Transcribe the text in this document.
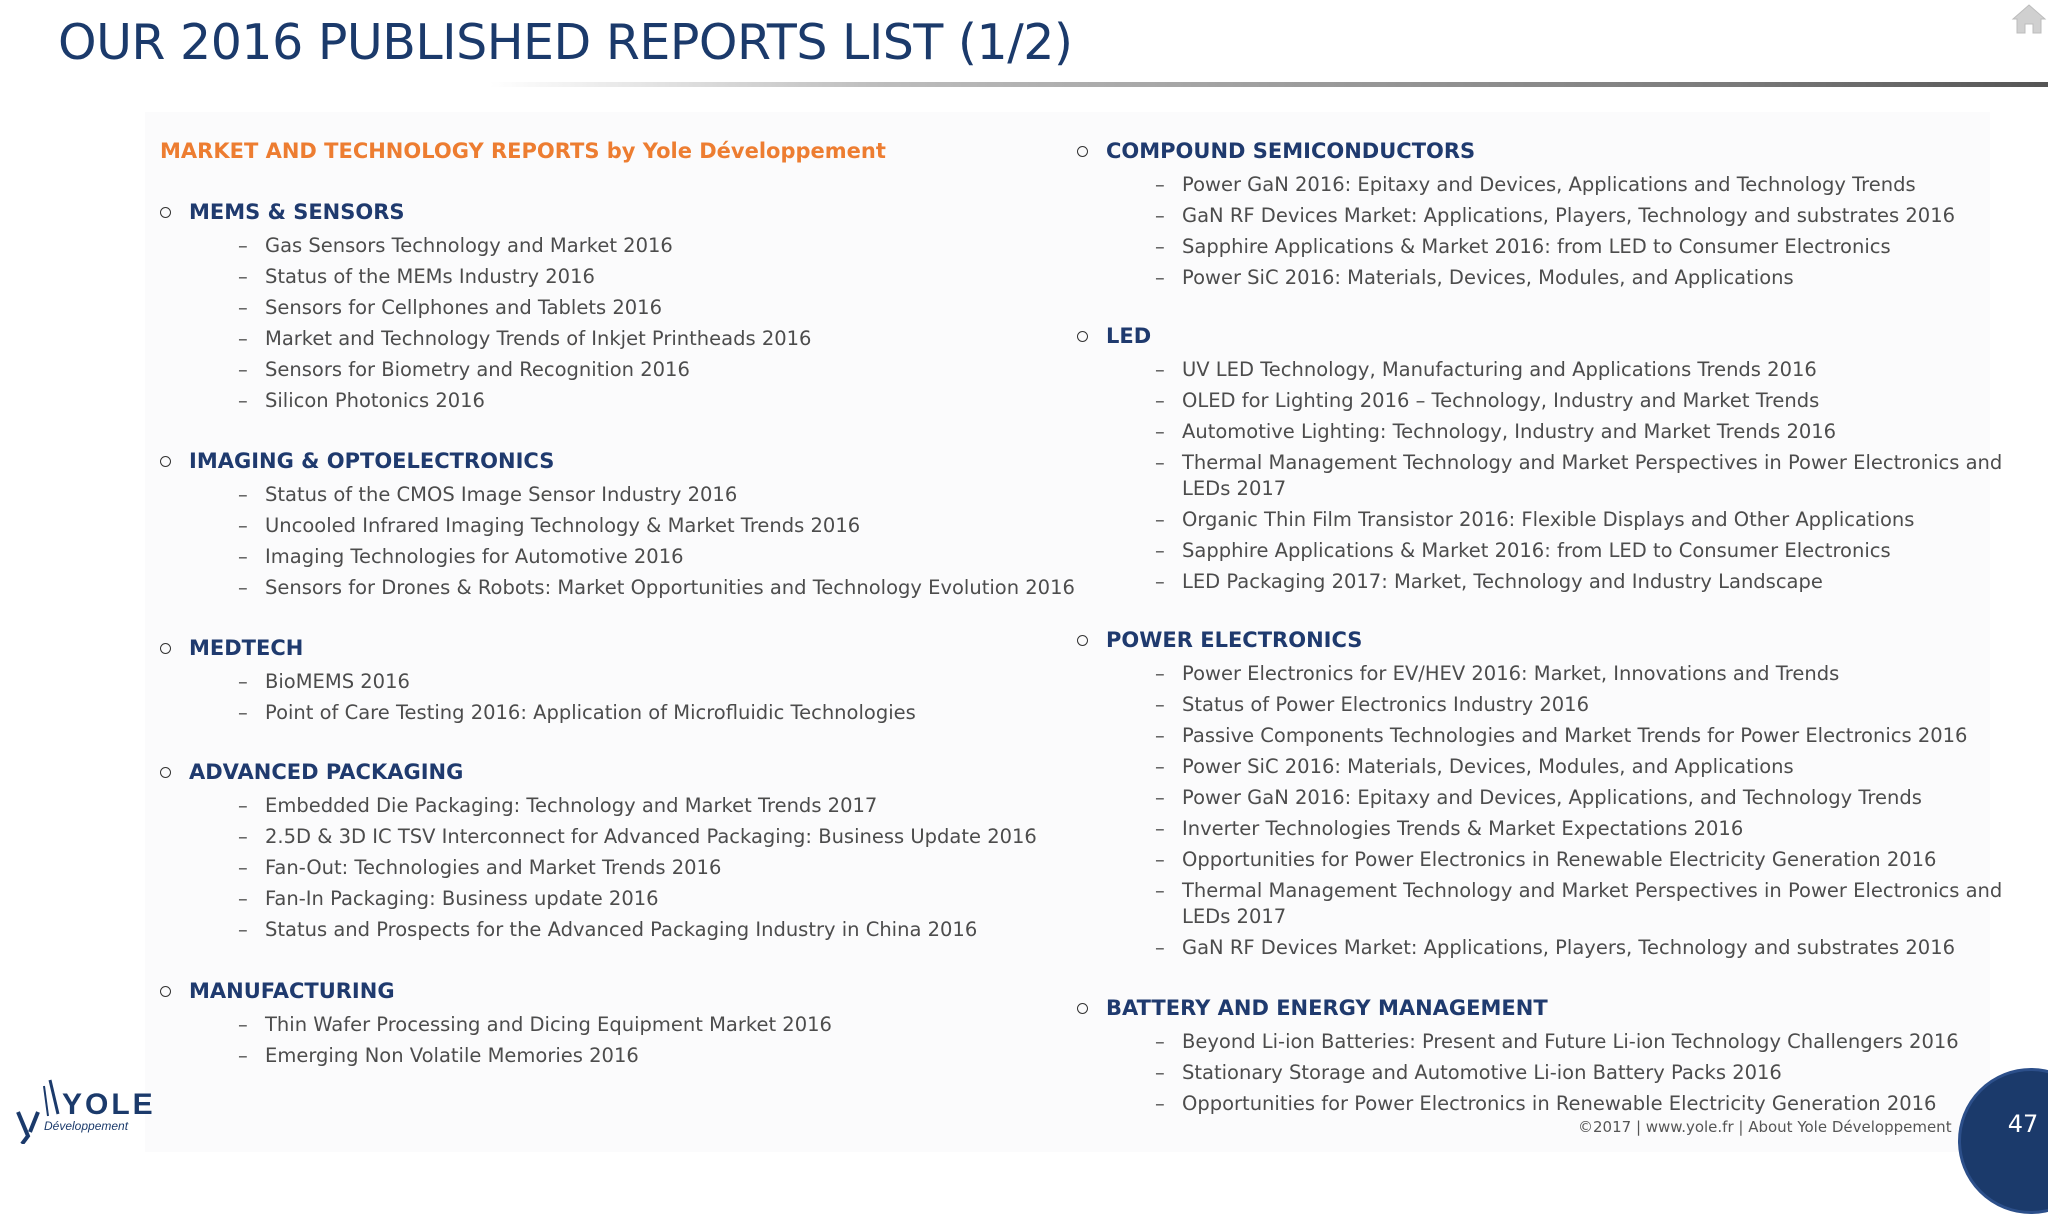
OUR 2016 PUBLISHED REPORTS LIST (1/2)
MARKET AND TECHNOLOGY REPORTS by Yole Développement
MEMS & SENSORS
– Gas Sensors Technology and Market 2016
– Status of the MEMs Industry 2016
– Sensors for Cellphones and Tablets 2016
– Market and Technology Trends of Inkjet Printheads 2016
– Sensors for Biometry and Recognition 2016
– Silicon Photonics 2016
IMAGING & OPTOELECTRONICS
– Status of the CMOS Image Sensor Industry 2016
– Uncooled Infrared Imaging Technology & Market Trends 2016
– Imaging Technologies for Automotive 2016
– Sensors for Drones & Robots: Market Opportunities and Technology Evolution 2016
MEDTECH
– BioMEMS 2016
– Point of Care Testing 2016: Application of Microfluidic Technologies
ADVANCED PACKAGING
– Embedded Die Packaging: Technology and Market Trends 2017
– 2.5D & 3D IC TSV Interconnect for Advanced Packaging: Business Update 2016
– Fan-Out: Technologies and Market Trends 2016
– Fan-In Packaging: Business update 2016
– Status and Prospects for the Advanced Packaging Industry in China 2016
MANUFACTURING
– Thin Wafer Processing and Dicing Equipment Market 2016
– Emerging Non Volatile Memories 2016
COMPOUND SEMICONDUCTORS
– Power GaN 2016: Epitaxy and Devices, Applications and Technology Trends
– GaN RF Devices Market: Applications, Players, Technology and substrates 2016
– Sapphire Applications & Market 2016: from LED to Consumer Electronics
– Power SiC 2016: Materials, Devices, Modules, and Applications
LED
– UV LED Technology, Manufacturing and Applications Trends 2016
– OLED for Lighting 2016 – Technology, Industry and Market Trends
– Automotive Lighting: Technology, Industry and Market Trends 2016
– Thermal Management Technology and Market Perspectives in Power Electronics and LEDs 2017
– Organic Thin Film Transistor 2016: Flexible Displays and Other Applications
– Sapphire Applications & Market 2016: from LED to Consumer Electronics
– LED Packaging 2017: Market, Technology and Industry Landscape
POWER ELECTRONICS
– Power Electronics for EV/HEV 2016: Market, Innovations and Trends
– Status of Power Electronics Industry 2016
– Passive Components Technologies and Market Trends for Power Electronics 2016
– Power SiC 2016: Materials, Devices, Modules, and Applications
– Power GaN 2016: Epitaxy and Devices, Applications, and Technology Trends
– Inverter Technologies Trends & Market Expectations 2016
– Opportunities for Power Electronics in Renewable Electricity Generation 2016
– Thermal Management Technology and Market Perspectives in Power Electronics and LEDs 2017
– GaN RF Devices Market: Applications, Players, Technology and substrates 2016
BATTERY AND ENERGY MANAGEMENT
– Beyond Li-ion Batteries: Present and Future Li-ion Technology Challengers 2016
– Stationary Storage and Automotive Li-ion Battery Packs 2016
– Opportunities for Power Electronics in Renewable Electricity Generation 2016
YOLE
Développement	©2017 | www.yole.fr | About Yole Développement	47
